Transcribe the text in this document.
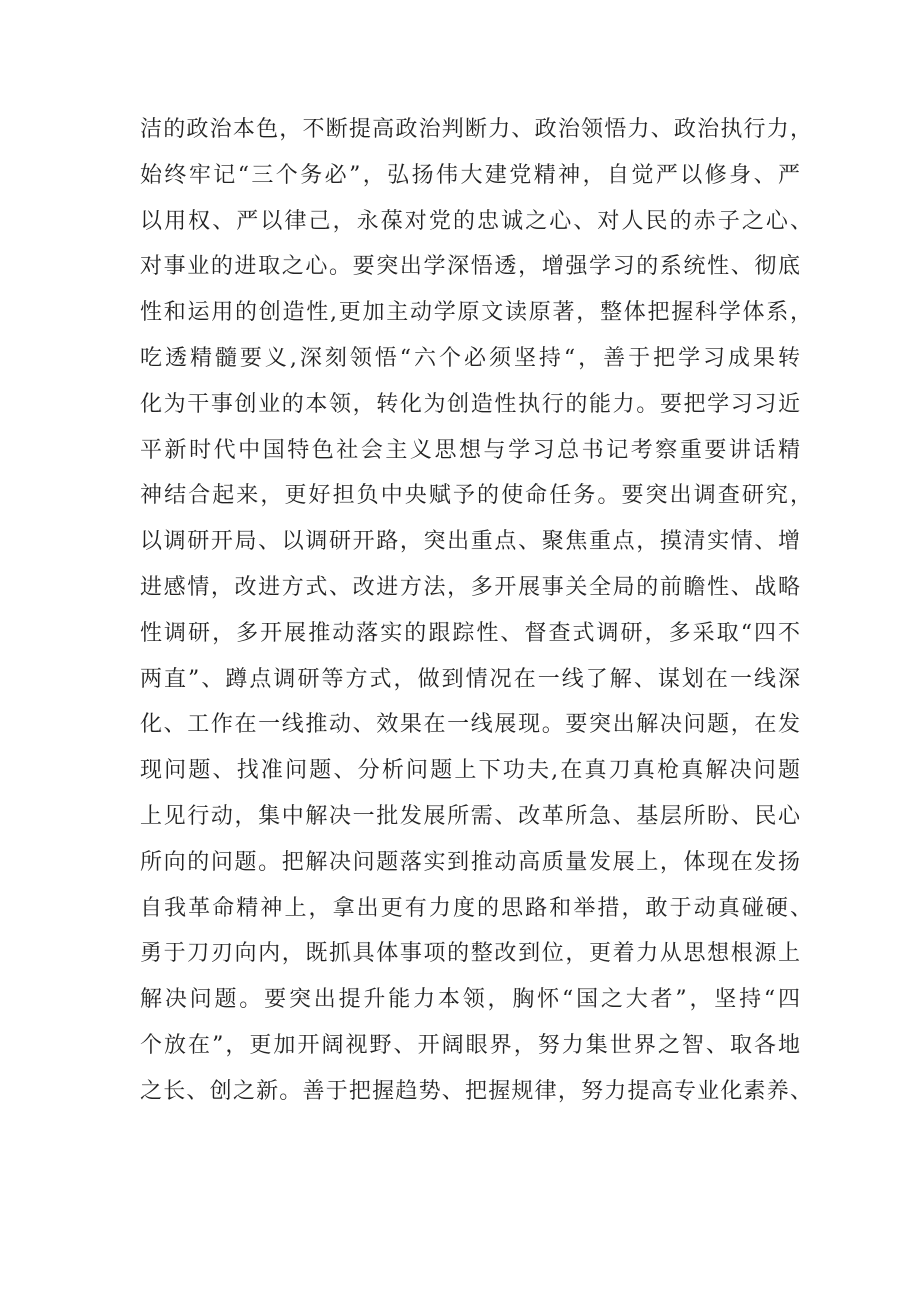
洁的政治本色，不断提高政治判断力、政治领悟力、政治执行力，
始终牢记“三个务必”，弘扬伟大建党精神，自觉严以修身、严
以用权、严以律己，永葆对党的忠诚之心、对人民的赤子之心、
对事业的进取之心。要突出学深悟透，增强学习的系统性、彻底
性和运用的创造性,更加主动学原文读原著，整体把握科学体系，
吃透精髓要义,深刻领悟“六个必须坚持“，善于把学习成果转
化为干事创业的本领，转化为创造性执行的能力。要把学习习近
平新时代中国特色社会主义思想与学习总书记考察重要讲话精
神结合起来，更好担负中央赋予的使命任务。要突出调查研究，
以调研开局、以调研开路，突出重点、聚焦重点，摸清实情、增
进感情，改进方式、改进方法，多开展事关全局的前瞻性、战略
性调研，多开展推动落实的跟踪性、督查式调研，多采取“四不
两直”、蹲点调研等方式，做到情况在一线了解、谋划在一线深
化、工作在一线推动、效果在一线展现。要突出解决问题，在发
现问题、找准问题、分析问题上下功夫,在真刀真枪真解决问题
上见行动，集中解决一批发展所需、改革所急、基层所盼、民心
所向的问题。把解决问题落实到推动高质量发展上，体现在发扬
自我革命精神上，拿出更有力度的思路和举措，敢于动真碰硬、
勇于刀刃向内，既抓具体事项的整改到位，更着力从思想根源上
解决问题。要突出提升能力本领，胸怀“国之大者”，坚持“四
个放在”，更加开阔视野、开阔眼界，努力集世界之智、取各地
之长、创之新。善于把握趋势、把握规律，努力提高专业化素养、
